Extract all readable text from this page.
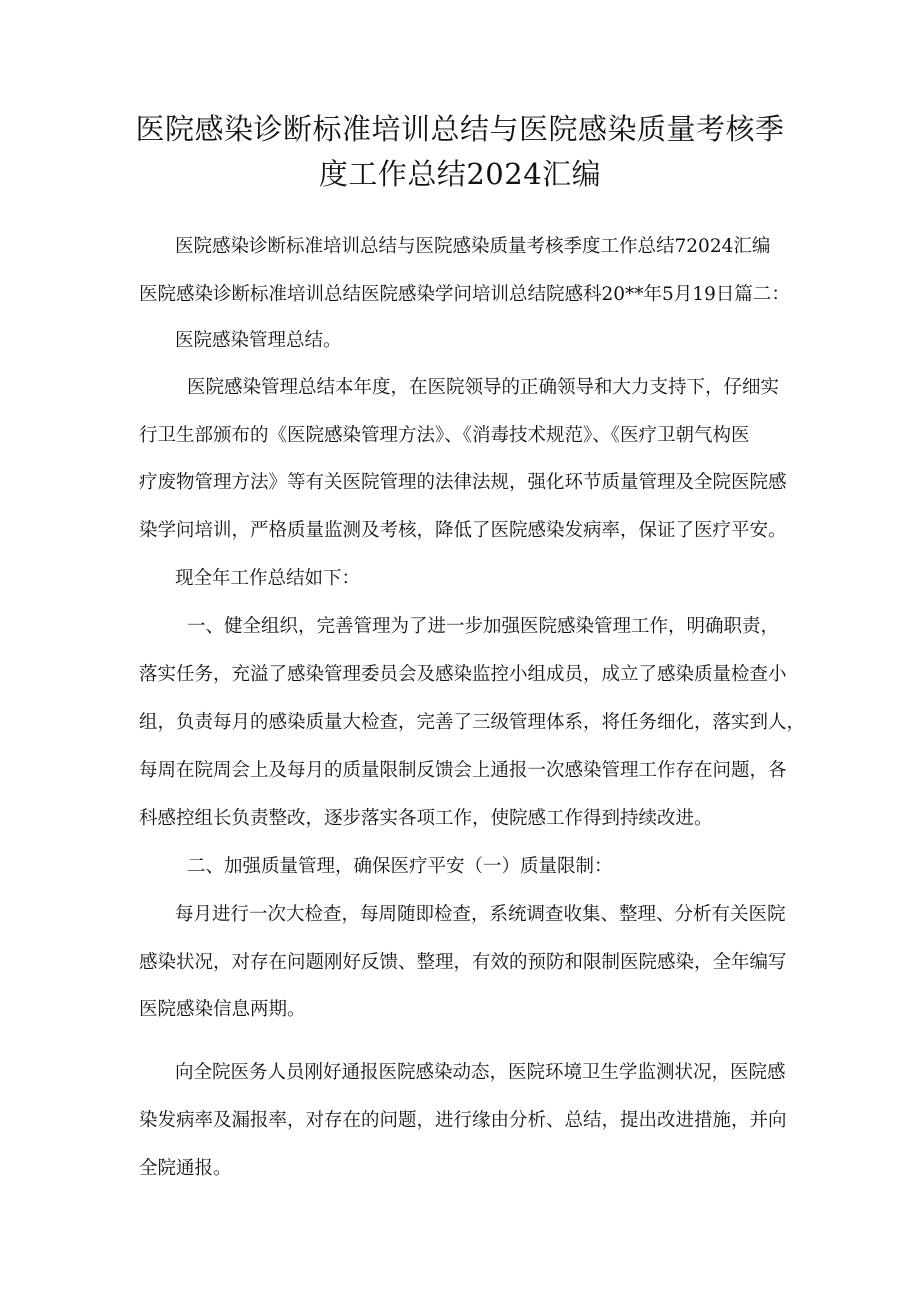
医院感染诊断标准培训总结与医院感染质量考核季
度工作总结2024汇编
医院感染诊断标准培训总结与医院感染质量考核季度工作总结72024汇编
医院感染诊断标准培训总结医院感染学问培训总结院感科20**年5月19日篇二：
医院感染管理总结。
医院感染管理总结本年度，在医院领导的正确领导和大力支持下，仔细实
行卫生部颁布的《医院感染管理方法》、《消毒技术规范》、《医疗卫朝气构医
疗废物管理方法》等有关医院管理的法律法规，强化环节质量管理及全院医院感
染学问培训，严格质量监测及考核，降低了医院感染发病率，保证了医疗平安。
现全年工作总结如下：
一、健全组织，完善管理为了进一步加强医院感染管理工作，明确职责，
落实任务，充溢了感染管理委员会及感染监控小组成员，成立了感染质量检查小
组，负责每月的感染质量大检查，完善了三级管理体系，将任务细化，落实到人，
每周在院周会上及每月的质量限制反馈会上通报一次感染管理工作存在问题，各
科感控组长负责整改，逐步落实各项工作，使院感工作得到持续改进。
二、加强质量管理，确保医疗平安（一）质量限制：
每月进行一次大检查，每周随即检查，系统调查收集、整理、分析有关医院
感染状况，对存在问题刚好反馈、整理，有效的预防和限制医院感染，全年编写
医院感染信息两期。
向全院医务人员刚好通报医院感染动态，医院环境卫生学监测状况，医院感
染发病率及漏报率，对存在的问题，进行缘由分析、总结，提出改进措施，并向
全院通报。
